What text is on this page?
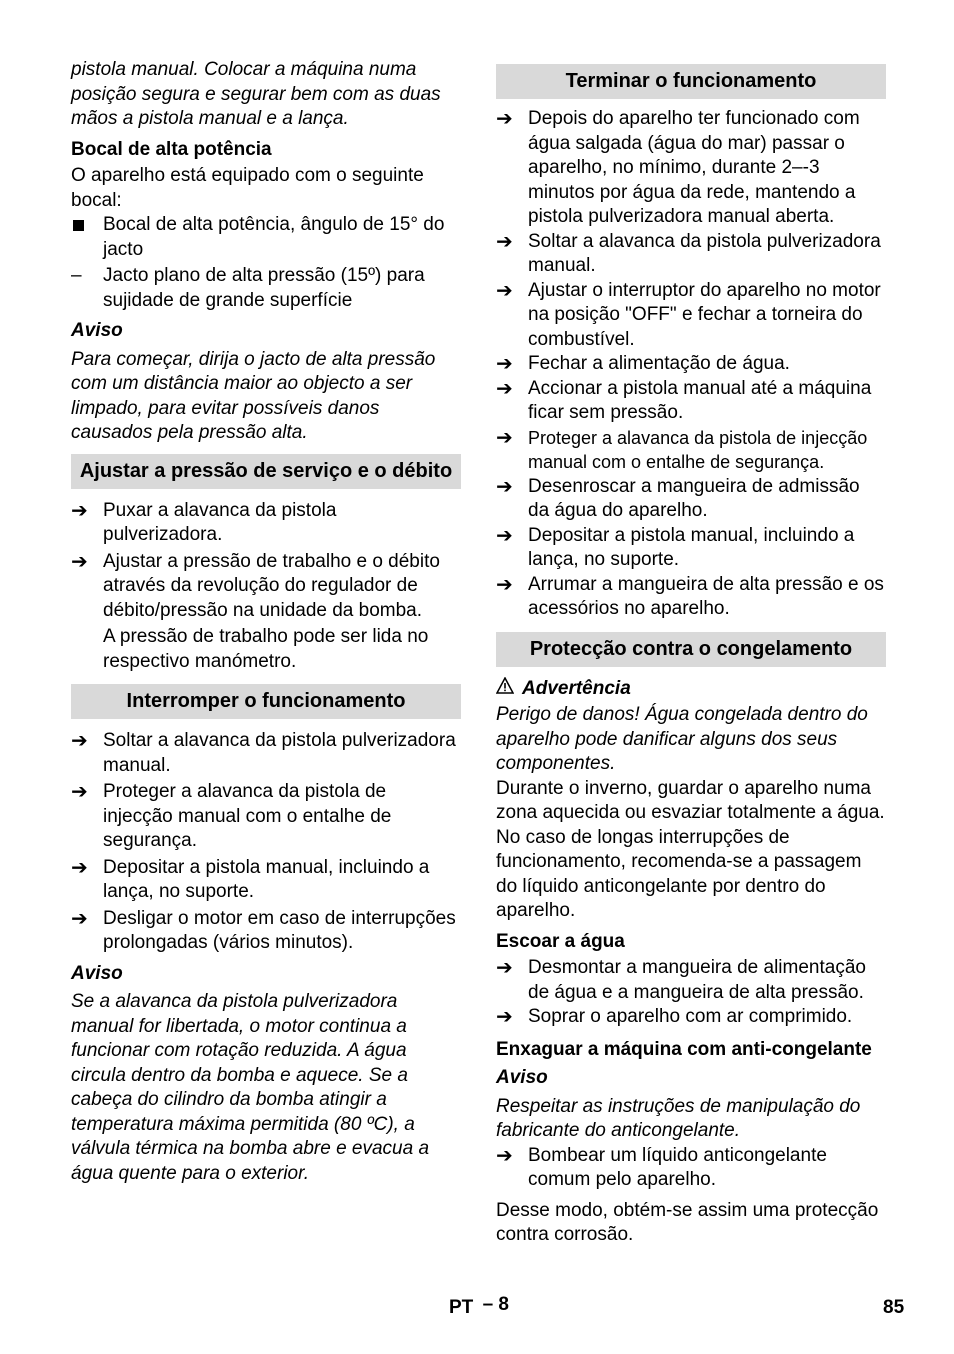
pistola manual. Colocar a máquina numa posição segura e segurar bem com as duas mãos a pistola manual e a lança.

Bocal de alta potência

O aparelho está equipado com o seguinte bocal:

Bocal de alta potência, ângulo de 15° do jacto
–	Jacto plano de alta pressão (15º) para sujidade de grande superfície

Aviso

Para começar, dirija o jacto de alta pressão com um distância maior ao objecto a ser limpado, para evitar possíveis danos causados pela pressão alta.

Ajustar a pressão de serviço e o débito
➔ Puxar a alavanca da pistola pulverizadora.
➔ Ajustar a pressão de trabalho e o débito através da revolução do regulador de débito/pressão na unidade da bomba.

A pressão de trabalho pode ser lida no respectivo manómetro.

Interromper o funcionamento
➔ Soltar a alavanca da pistola pulverizadora manual.
➔ Proteger a alavanca da pistola de injecção manual com o entalhe de segurança.
➔ Depositar a pistola manual, incluindo a lança, no suporte.
➔ Desligar o motor em caso de interrupções prolongadas (vários minutos).

Aviso

Se a alavanca da pistola pulverizadora manual for libertada, o motor continua a funcionar com rotação reduzida. A água circula dentro da bomba e aquece. Se a cabeça do cilindro da bomba atingir a temperatura máxima permitida (80 ºC), a válvula térmica na bomba abre e evacua a água quente para o exterior.

Terminar o funcionamento
➔ Depois do aparelho ter funcionado com água salgada (água do mar) passar o aparelho, no mínimo, durante 2–-3 minutos por água da rede, mantendo a pistola pulverizadora manual aberta.
➔ Soltar a alavanca da pistola pulverizadora manual.
➔ Ajustar o interruptor do aparelho no motor na posição "OFF" e fechar a torneira do combustível.
➔ Fechar a alimentação de água.
➔ Accionar a pistola manual até a máquina ficar sem pressão.
➔ Proteger a alavanca da pistola de injecção manual com o entalhe de segurança.
➔ Desenroscar a mangueira de admissão da água do aparelho.
➔ Depositar a pistola manual, incluindo a lança, no suporte.
➔ Arrumar a mangueira de alta pressão e os acessórios no aparelho.
Protecção contra o congelamento

Advertência

Perigo de danos! Água congelada dentro do aparelho pode danificar alguns dos seus componentes.

Durante o inverno, guardar o aparelho numa zona aquecida ou esvaziar totalmente a água. No caso de longas interrupções de funcionamento, recomenda-se a passagem do líquido anticongelante por dentro do aparelho.

Escoar a água

➔ Desmontar a mangueira de alimentação de água e a mangueira de alta pressão.
➔ Soprar o aparelho com ar comprimido.

Enxaguar a máquina com anti-congelante

Aviso

Respeitar as instruções de manipulação do fabricante do anticongelante.

➔ Bombear um líquido anticongelante comum pelo aparelho.

Desse modo, obtém-se assim uma protecção contra corrosão.

PT – 8	85
